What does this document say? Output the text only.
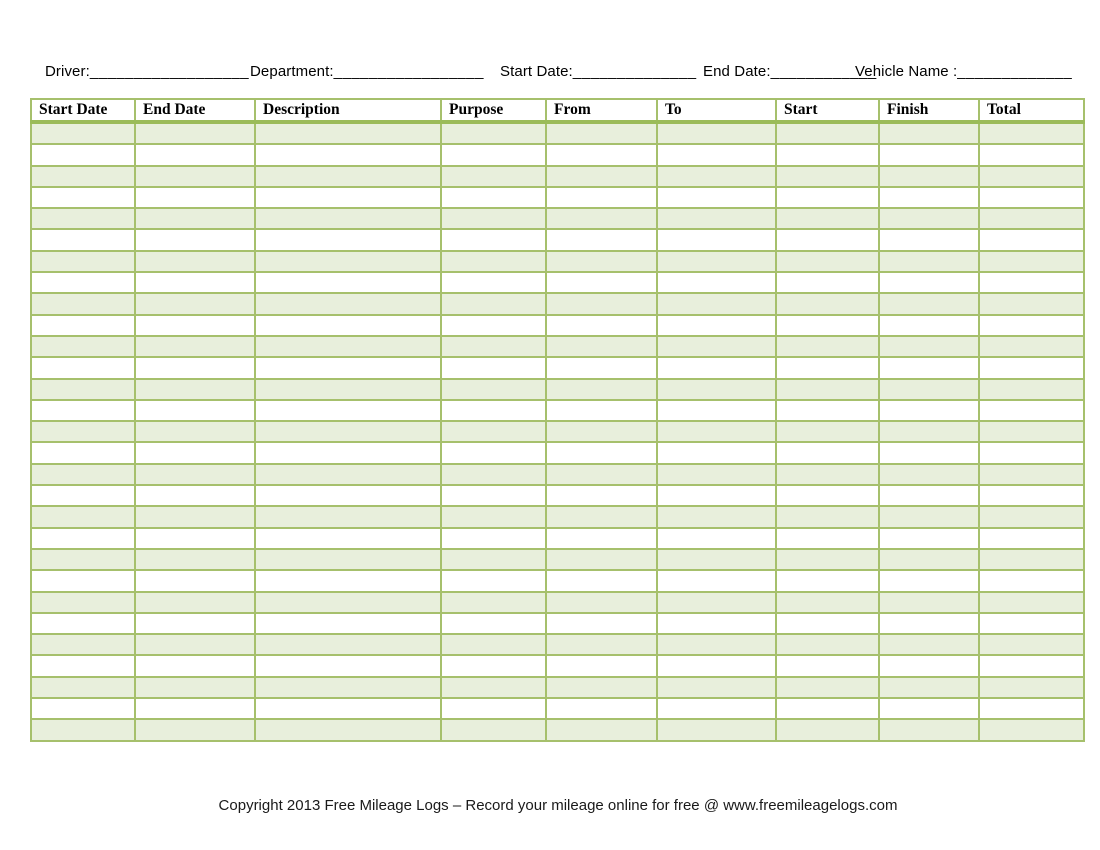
Driver:__________________ Department:_________________ Start Date:______________ End Date:____________
Vehicle Name :_____________
Start Date	End Date	Description	Purpose	From	To	Start	Finish	Total

Copyright 2013 Free Mileage Logs – Record your mileage online for free @ www.freemileagelogs.com
